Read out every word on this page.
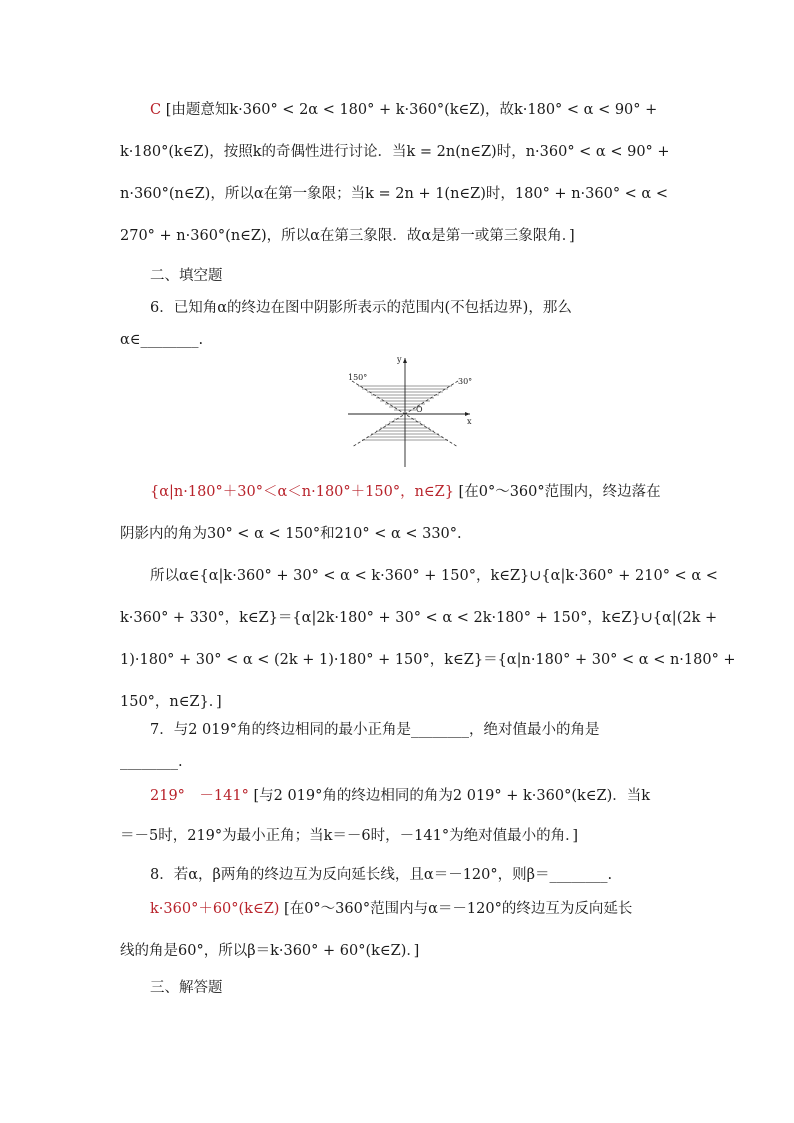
C [由题意知k·360° < 2α < 180° + k·360°(k∈Z)，故k·180° < α < 90° +
k·180°(k∈Z)，按照k的奇偶性进行讨论．当k = 2n(n∈Z)时，n·360° < α < 90° +
n·360°(n∈Z)，所以α在第一象限；当k = 2n + 1(n∈Z)时，180° + n·360° < α <
270° + n·360°(n∈Z)，所以α在第三象限．故α是第一或第三象限角．]
二、填空题
6．已知角α的终边在图中阴影所表示的范围内(不包括边界)，那么
α∈________.
y
x
O
150°	30°
{α|n·180°＋30°＜α＜n·180°＋150°，n∈Z} [在0°～360°范围内，终边落在
阴影内的角为30° < α < 150°和210° < α < 330°.
所以α∈{α|k·360° + 30° < α < k·360° + 150°，k∈Z}∪{α|k·360° + 210° < α <
k·360° + 330°，k∈Z}＝{α|2k·180° + 30° < α < 2k·180° + 150°，k∈Z}∪{α|(2k +
1)·180° + 30° < α < (2k + 1)·180° + 150°，k∈Z}＝{α|n·180° + 30° < α < n·180° +
150°，n∈Z}．]
7．与2 019°角的终边相同的最小正角是________，绝对值最小的角是
________.
219°　－141° [与2 019°角的终边相同的角为2 019° + k·360°(k∈Z)．当k
＝－5时，219°为最小正角；当k＝－6时，－141°为绝对值最小的角．]
8．若α，β两角的终边互为反向延长线，且α＝－120°，则β＝________.
k·360°＋60°(k∈Z) [在0°～360°范围内与α＝－120°的终边互为反向延长
线的角是60°，所以β＝k·360° + 60°(k∈Z)．]
三、解答题
